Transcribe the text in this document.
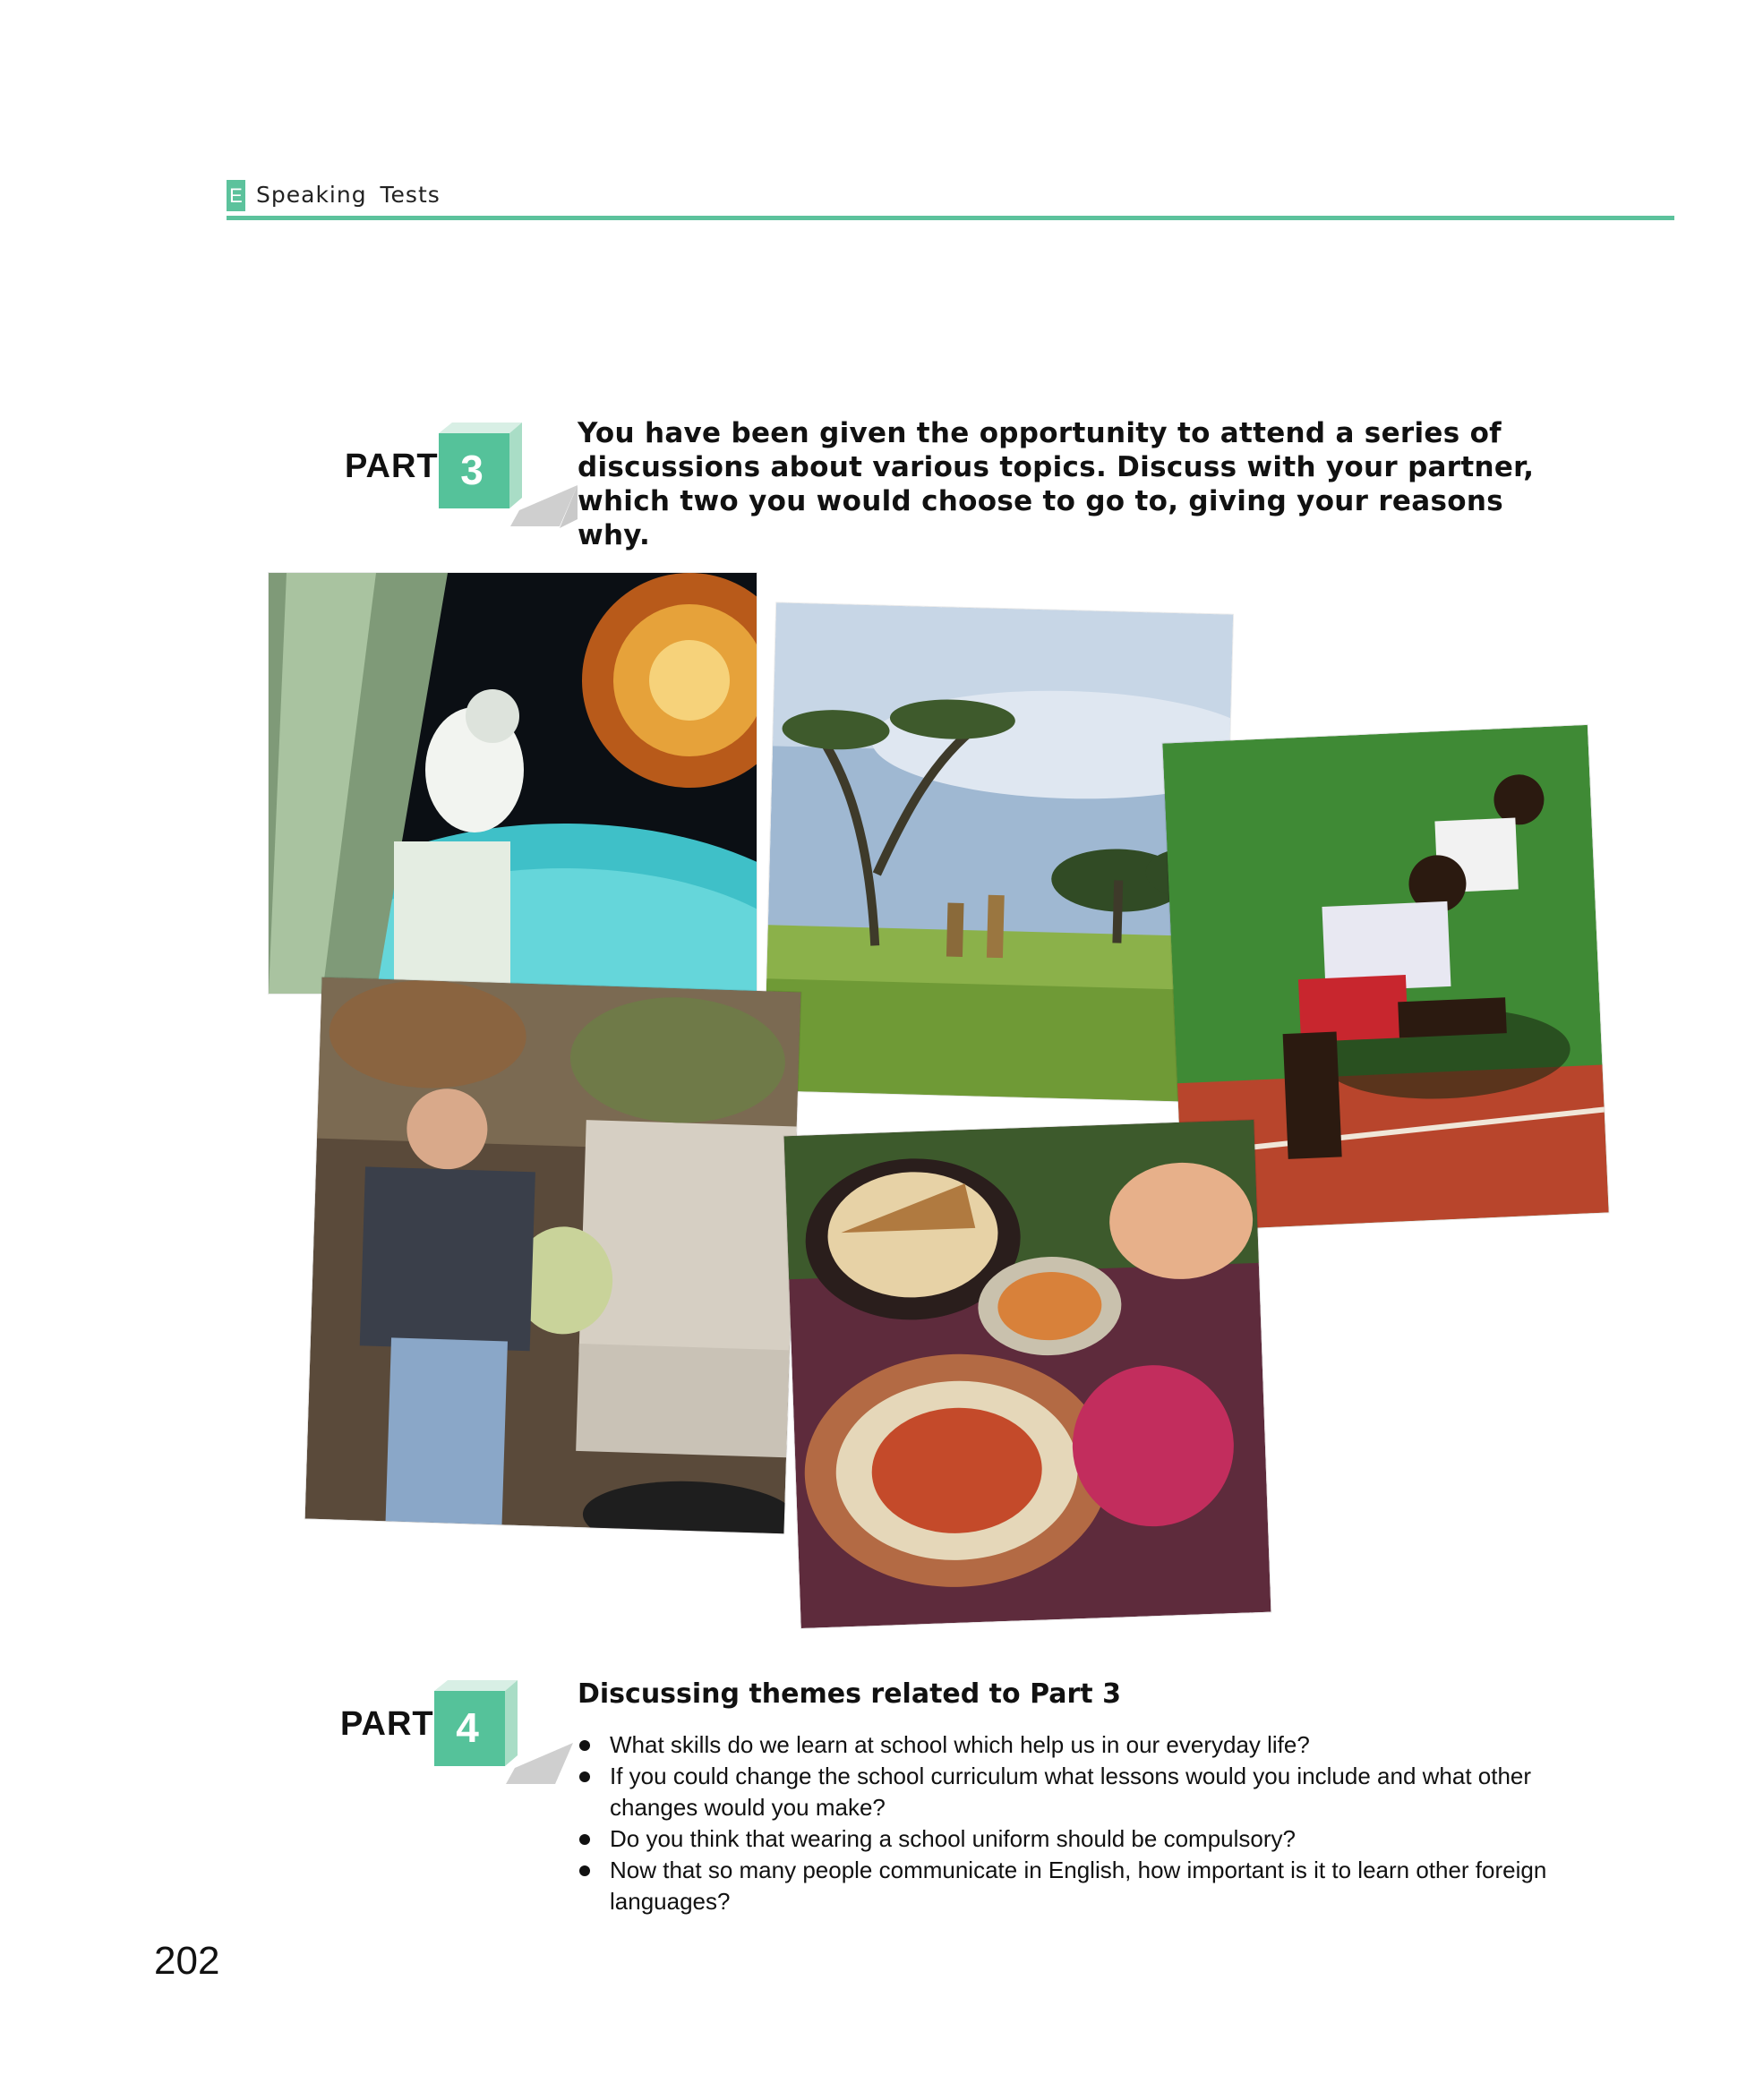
E Speaking Tests
PART 3
You have been given the opportunity to attend a series of discussions about various topics. Discuss with your partner, which two you would choose to go to, giving your reasons why.
PART 4
Discussing themes related to Part 3
What skills do we learn at school which help us in our everyday life?
If you could change the school curriculum what lessons would you include and what other changes would you make?
Do you think that wearing a school uniform should be compulsory?
Now that so many people communicate in English, how important is it to learn other foreign languages?
202
